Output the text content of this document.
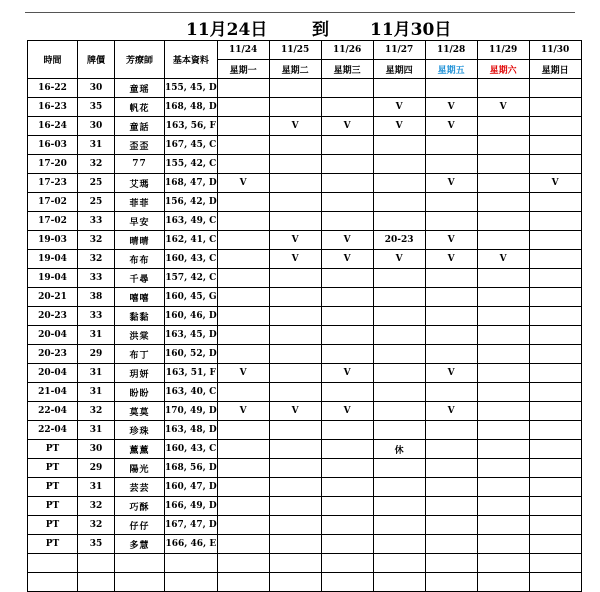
11月24日	到 11月30日
時間	牌價	芳療師	基本資料	11/24	11/25	11/26	11/27	11/28	11/29	11/30
				星期一	星期二	星期三	星期四	星期五	星期六	星期日
16-22	30	童瑶	155, 45, D							
16-23	35	帆花	168, 48, D				V	V	V	
16-24	30	童話	163, 56, F		V	V	V	V		
16-03	31	歪歪	167, 45, C							
17-20	32	77	155, 42, C							
17-23	25	艾瑪	168, 47, D	V				V		V
17-02	25	菲菲	156, 42, D							
17-02	33	早安	163, 49, C							
19-03	32	晴晴	162, 41, C		V	V	20-23	V		
19-04	32	布布	160, 43, C		V	V	V	V	V	
19-04	33	千尋	157, 42, C							
20-21	38	嘻嘻	160, 45, G							
20-23	33	黏黏	160, 46, D							
20-04	31	洪棠	163, 45, D							
20-23	29	布丁	160, 52, D							
20-04	31	玥妍	163, 51, F	V		V		V		
21-04	31	盼盼	163, 40, C							
22-04	32	莫莫	170, 49, D	V	V	V		V		
22-04	31	珍珠	163, 48, D							
PT	30	薰薰	160, 43, C				休			
PT	29	陽光	168, 56, D							
PT	31	芸芸	160, 47, D							
PT	32	巧酥	166, 49, D							
PT	32	仔仔	167, 47, D							
PT	35	多慧	166, 46, E							
